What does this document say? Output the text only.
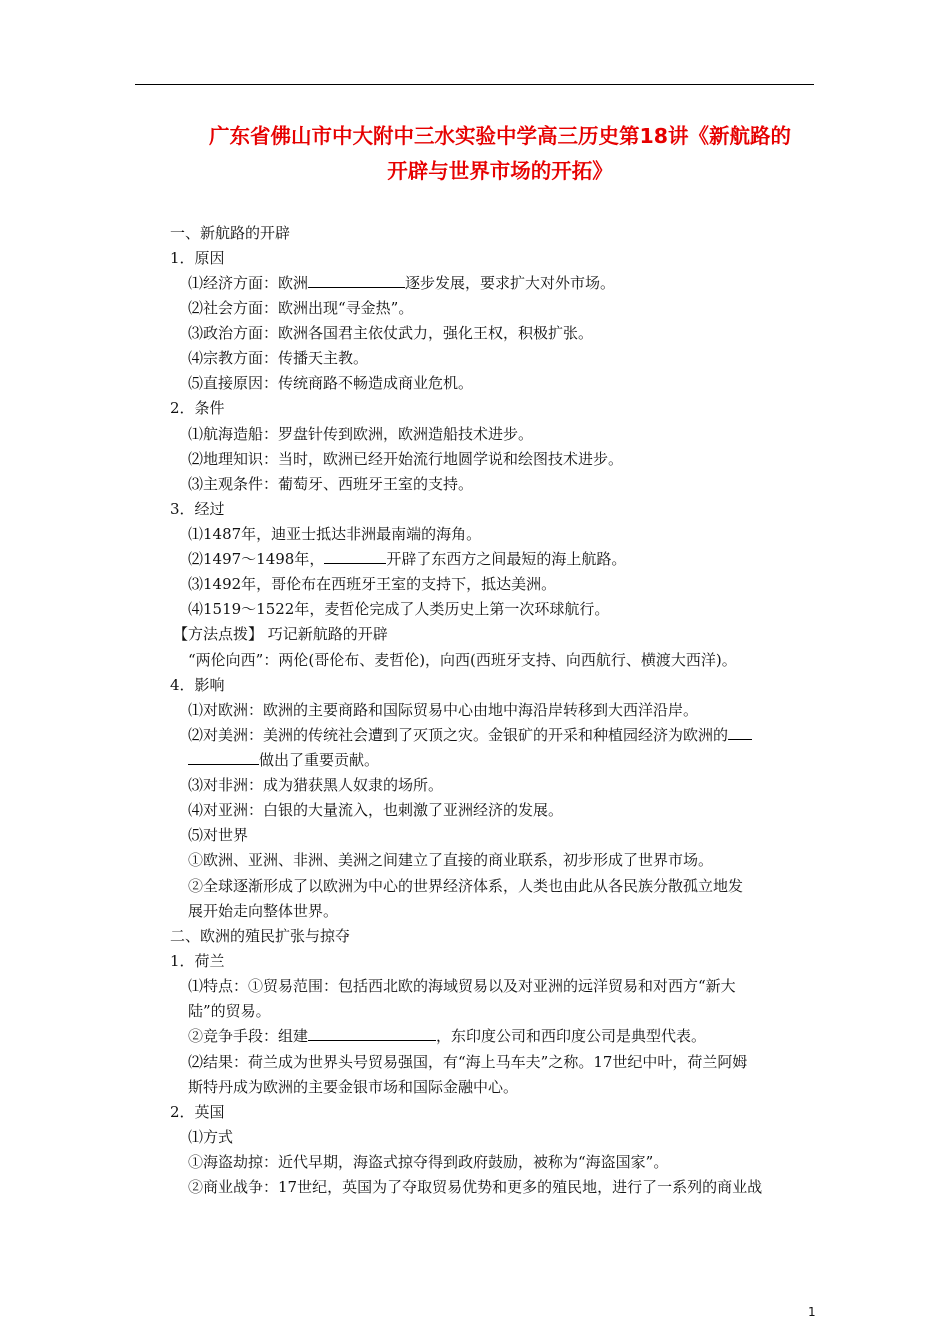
广东省佛山市中大附中三水实验中学高三历史第18讲《新航路的
开辟与世界市场的开拓》
一、新航路的开辟
1．原因
⑴经济方面：欧洲	逐步发展，要求扩大对外市场。
⑵社会方面：欧洲出现“寻金热”。
⑶政治方面：欧洲各国君主依仗武力，强化王权，积极扩张。
⑷宗教方面：传播天主教。
⑸直接原因：传统商路不畅造成商业危机。
2．条件
⑴航海造船：罗盘针传到欧洲，欧洲造船技术进步。
⑵地理知识：当时，欧洲已经开始流行地圆学说和绘图技术进步。
⑶主观条件：葡萄牙、西班牙王室的支持。
3．经过
⑴1487年，迪亚士抵达非洲最南端的海角。
⑵1497～1498年，	开辟了东西方之间最短的海上航路。
⑶1492年，哥伦布在西班牙王室的支持下，抵达美洲。
⑷1519～1522年，麦哲伦完成了人类历史上第一次环球航行。
【方法点拨】 巧记新航路的开辟
“两伦向西”：两伦(哥伦布、麦哲伦)，向西(西班牙支持、向西航行、横渡大西洋)。
4．影响
⑴对欧洲：欧洲的主要商路和国际贸易中心由地中海沿岸转移到大西洋沿岸。
⑵对美洲：美洲的传统社会遭到了灭顶之灾。金银矿的开采和种植园经济为欧洲的
做出了重要贡献。
⑶对非洲：成为猎获黑人奴隶的场所。
⑷对亚洲：白银的大量流入，也刺激了亚洲经济的发展。
⑸对世界
①欧洲、亚洲、非洲、美洲之间建立了直接的商业联系，初步形成了世界市场。
②全球逐渐形成了以欧洲为中心的世界经济体系，人类也由此从各民族分散孤立地发
展开始走向整体世界。
二、欧洲的殖民扩张与掠夺
1．荷兰
⑴特点：①贸易范围：包括西北欧的海域贸易以及对亚洲的远洋贸易和对西方“新大
陆”的贸易。
②竞争手段：组建	，东印度公司和西印度公司是典型代表。
⑵结果：荷兰成为世界头号贸易强国，有“海上马车夫”之称。17世纪中叶，荷兰阿姆
斯特丹成为欧洲的主要金银市场和国际金融中心。
2．英国
⑴方式
①海盗劫掠：近代早期，海盗式掠夺得到政府鼓励，被称为“海盗国家”。
②商业战争：17世纪，英国为了夺取贸易优势和更多的殖民地，进行了一系列的商业战
1
